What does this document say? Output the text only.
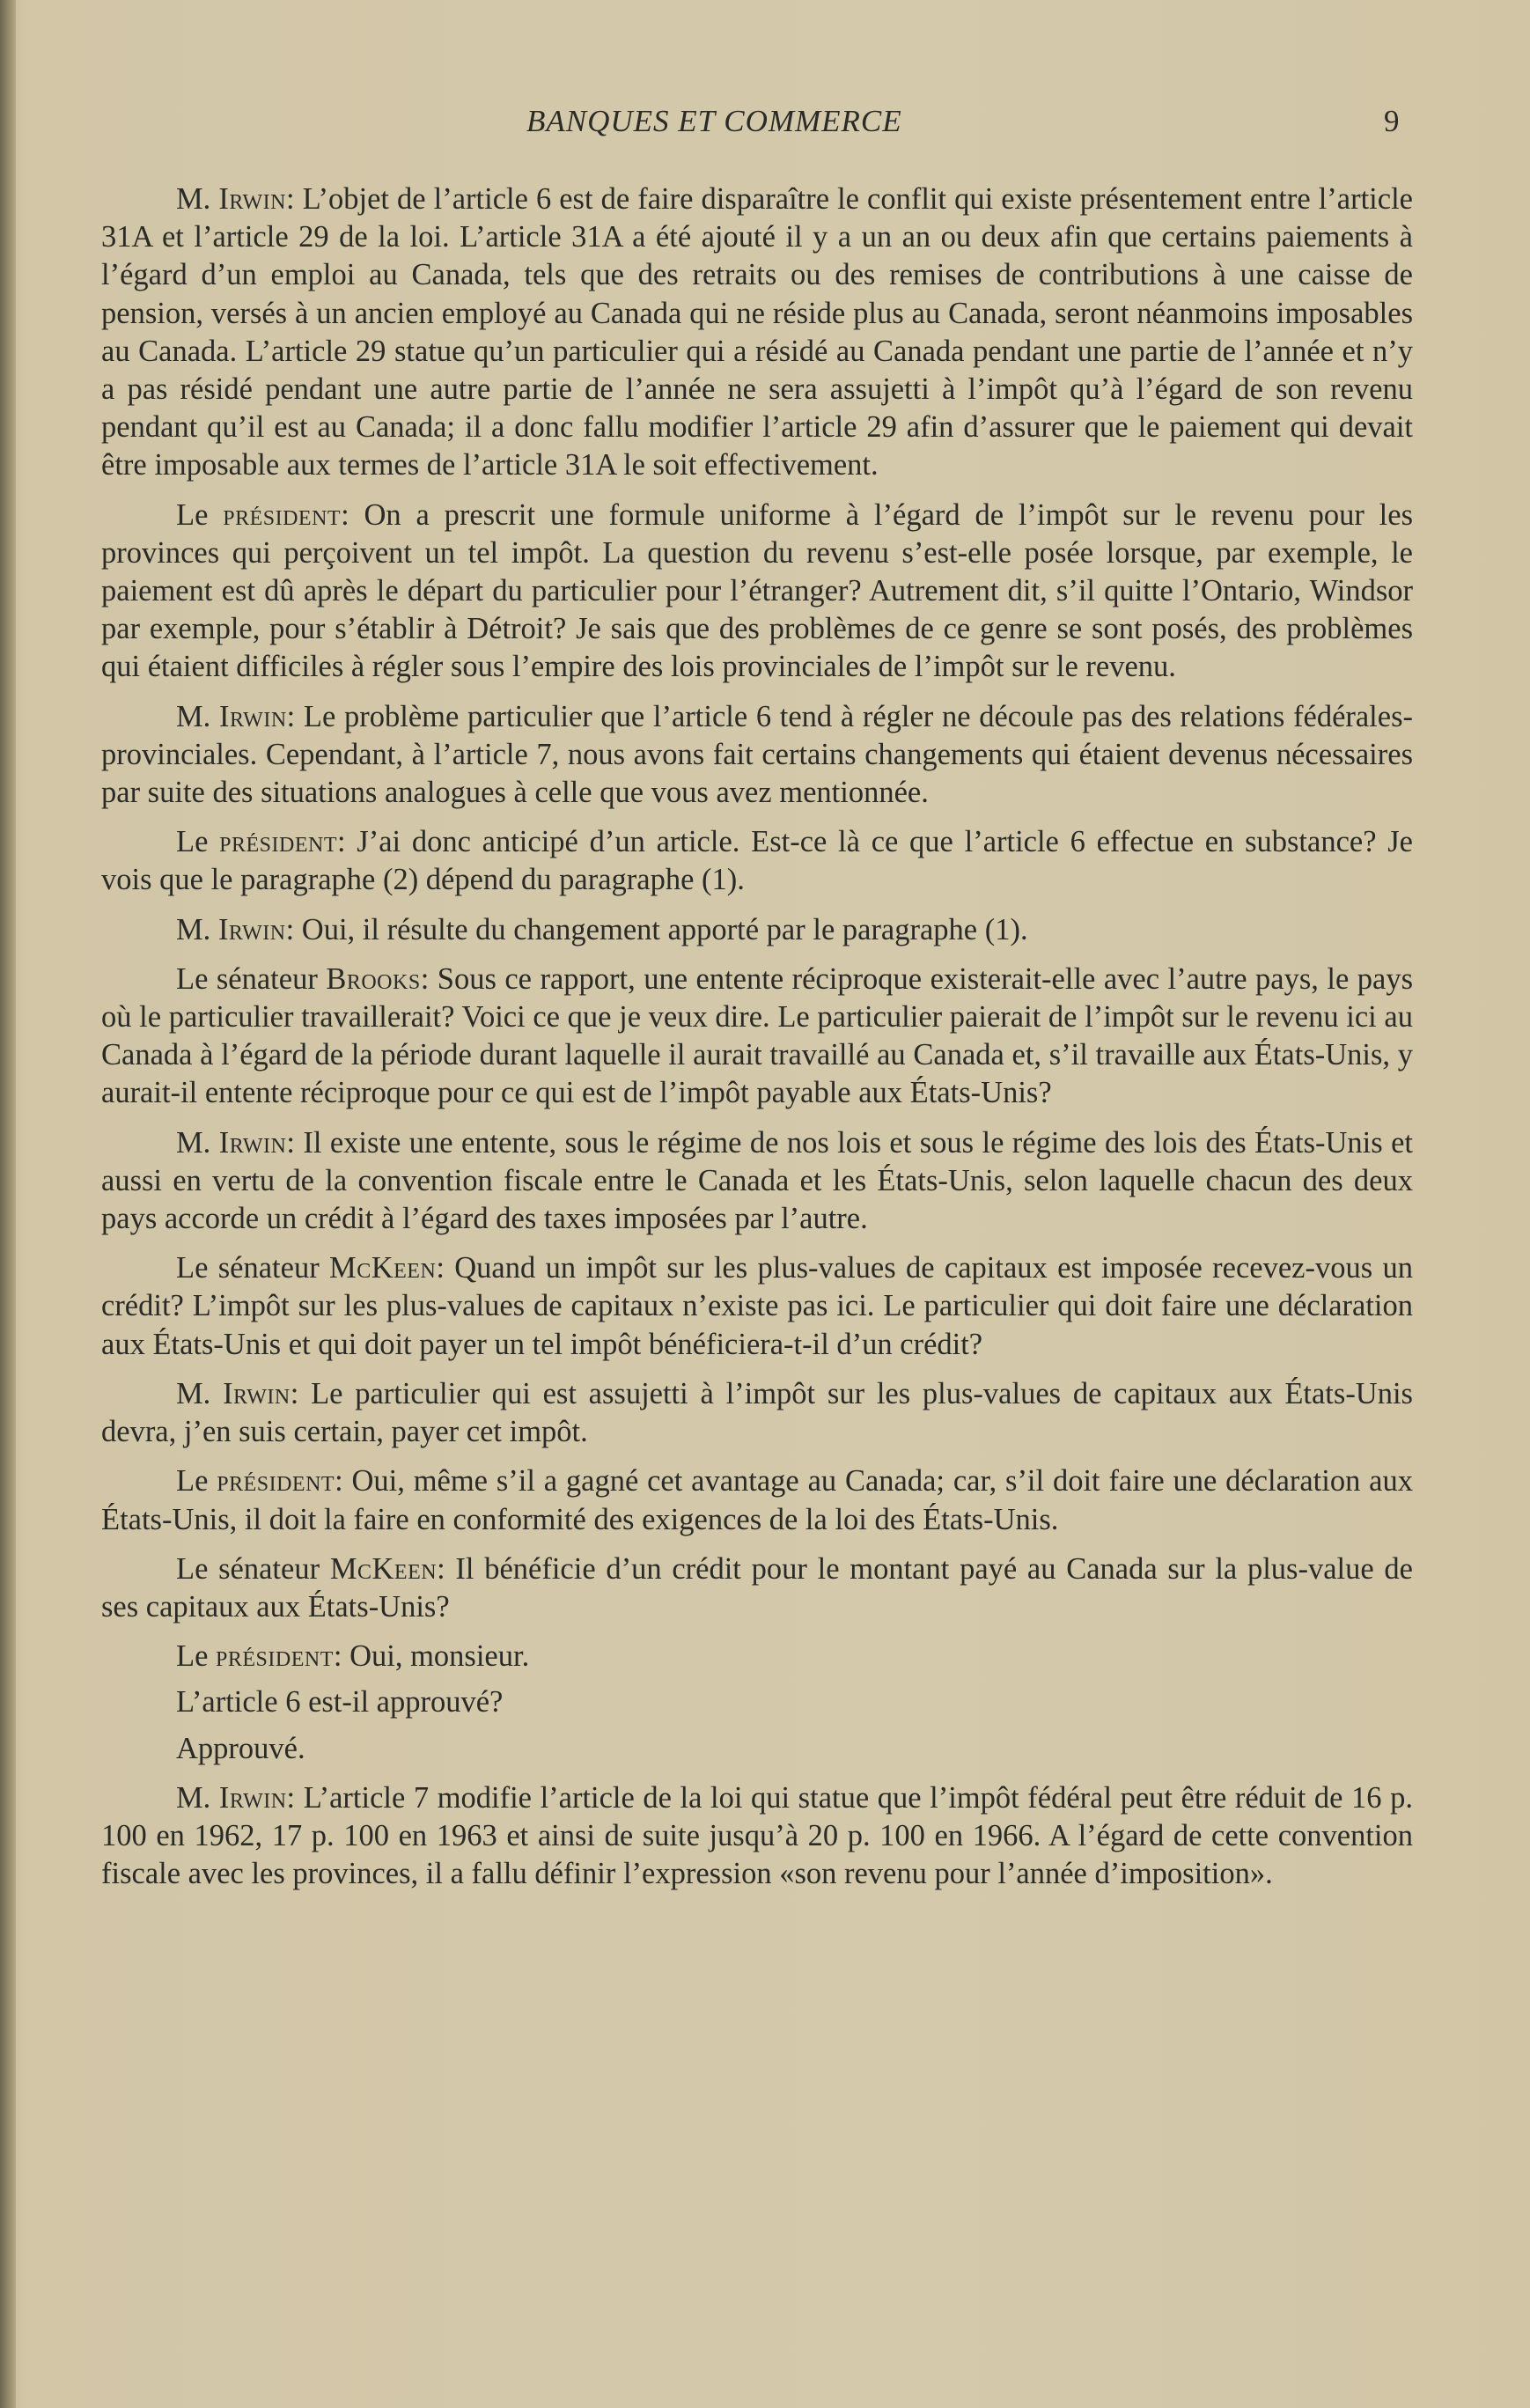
BANQUES ET COMMERCE	9

M. Irwin: L’objet de l’article 6 est de faire disparaître le conflit qui existe présentement entre l’article 31A et l’article 29 de la loi. L’article 31A a été ajouté il y a un an ou deux afin que certains paiements à l’égard d’un emploi au Canada, tels que des retraits ou des remises de contributions à une caisse de pension, versés à un ancien employé au Canada qui ne réside plus au Canada, seront néanmoins imposables au Canada. L’article 29 statue qu’un particulier qui a résidé au Canada pendant une partie de l’année et n’y a pas résidé pendant une autre partie de l’année ne sera assujetti à l’impôt qu’à l’égard de son revenu pendant qu’il est au Canada; il a donc fallu modifier l’article 29 afin d’assurer que le paiement qui devait être imposable aux termes de l’article 31A le soit effectivement.

Le président: On a prescrit une formule uniforme à l’égard de l’impôt sur le revenu pour les provinces qui perçoivent un tel impôt. La question du revenu s’est-elle posée lorsque, par exemple, le paiement est dû après le départ du particulier pour l’étranger? Autrement dit, s’il quitte l’Ontario, Windsor par exemple, pour s’établir à Détroit? Je sais que des problèmes de ce genre se sont posés, des problèmes qui étaient difficiles à régler sous l’empire des lois provinciales de l’impôt sur le revenu.

M. Irwin: Le problème particulier que l’article 6 tend à régler ne découle pas des relations fédérales-provinciales. Cependant, à l’article 7, nous avons fait certains changements qui étaient devenus nécessaires par suite des situations analogues à celle que vous avez mentionnée.

Le président: J’ai donc anticipé d’un article. Est-ce là ce que l’article 6 effectue en substance? Je vois que le paragraphe (2) dépend du paragraphe (1).

M. Irwin: Oui, il résulte du changement apporté par le paragraphe (1).

Le sénateur Brooks: Sous ce rapport, une entente réciproque existerait-elle avec l’autre pays, le pays où le particulier travaillerait? Voici ce que je veux dire. Le particulier paierait de l’impôt sur le revenu ici au Canada à l’égard de la période durant laquelle il aurait travaillé au Canada et, s’il travaille aux États-Unis, y aurait-il entente réciproque pour ce qui est de l’impôt payable aux États-Unis?

M. Irwin: Il existe une entente, sous le régime de nos lois et sous le régime des lois des États-Unis et aussi en vertu de la convention fiscale entre le Canada et les États-Unis, selon laquelle chacun des deux pays accorde un crédit à l’égard des taxes imposées par l’autre.

Le sénateur McKeen: Quand un impôt sur les plus-values de capitaux est imposée recevez-vous un crédit? L’impôt sur les plus-values de capitaux n’existe pas ici. Le particulier qui doit faire une déclaration aux États-Unis et qui doit payer un tel impôt bénéficiera-t-il d’un crédit?

M. Irwin: Le particulier qui est assujetti à l’impôt sur les plus-values de capitaux aux États-Unis devra, j’en suis certain, payer cet impôt.

Le président: Oui, même s’il a gagné cet avantage au Canada; car, s’il doit faire une déclaration aux États-Unis, il doit la faire en conformité des exigences de la loi des États-Unis.

Le sénateur McKeen: Il bénéficie d’un crédit pour le montant payé au Canada sur la plus-value de ses capitaux aux États-Unis?

Le président: Oui, monsieur.

L’article 6 est-il approuvé?

Approuvé.

M. Irwin: L’article 7 modifie l’article de la loi qui statue que l’impôt fédéral peut être réduit de 16 p. 100 en 1962, 17 p. 100 en 1963 et ainsi de suite jusqu’à 20 p. 100 en 1966. A l’égard de cette convention fiscale avec les provinces, il a fallu définir l’expression «son revenu pour l’année d’imposition».
